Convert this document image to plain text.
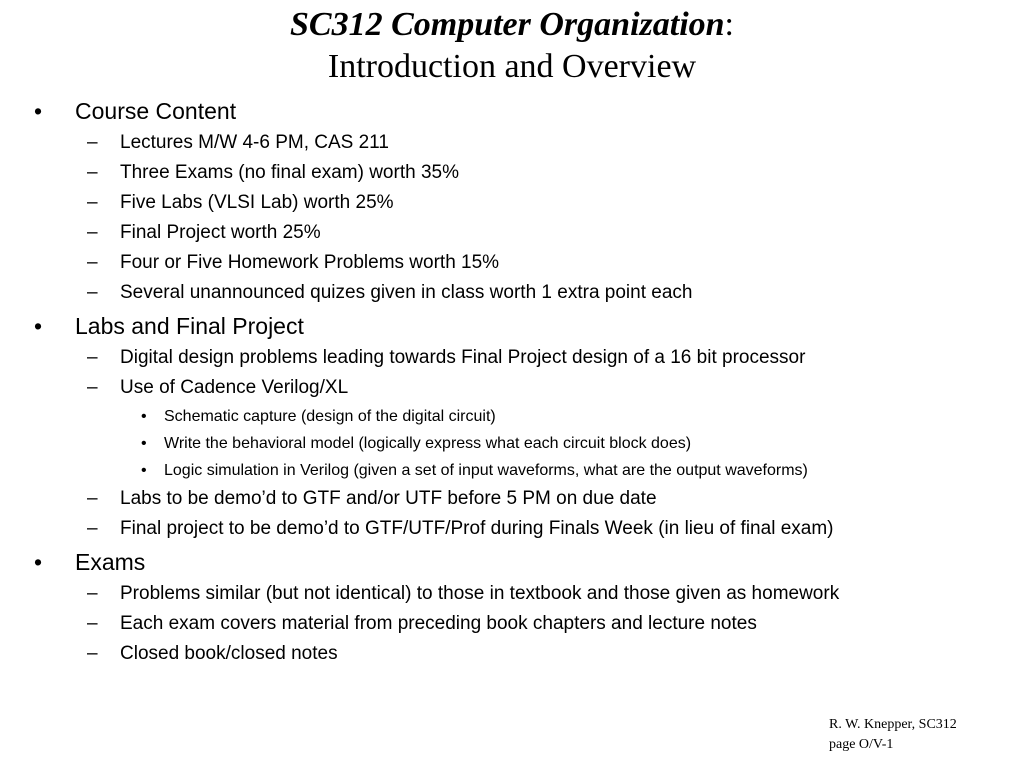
SC312 Computer Organization:
Introduction and Overview
• Course Content
– Lectures M/W 4-6 PM, CAS 211
– Three Exams (no final exam) worth 35%
– Five Labs (VLSI Lab) worth 25%
– Final Project worth 25%
– Four or Five Homework Problems worth 15%
– Several unannounced quizes given in class worth 1 extra point each
• Labs and Final Project
– Digital design problems leading towards Final Project design of a 16 bit processor
– Use of Cadence Verilog/XL
• Schematic capture (design of the digital circuit)
• Write the behavioral model (logically express what each circuit block does)
• Logic simulation in Verilog (given a set of input waveforms, what are the output waveforms)
– Labs to be demo’d to GTF and/or UTF before 5 PM on due date
– Final project to be demo’d to GTF/UTF/Prof during Finals Week (in lieu of final exam)
• Exams
– Problems similar (but not identical) to those in textbook and those given as homework
– Each exam covers material from preceding book chapters and lecture notes
– Closed book/closed notes
R. W. Knepper, SC312
page O/V-1
